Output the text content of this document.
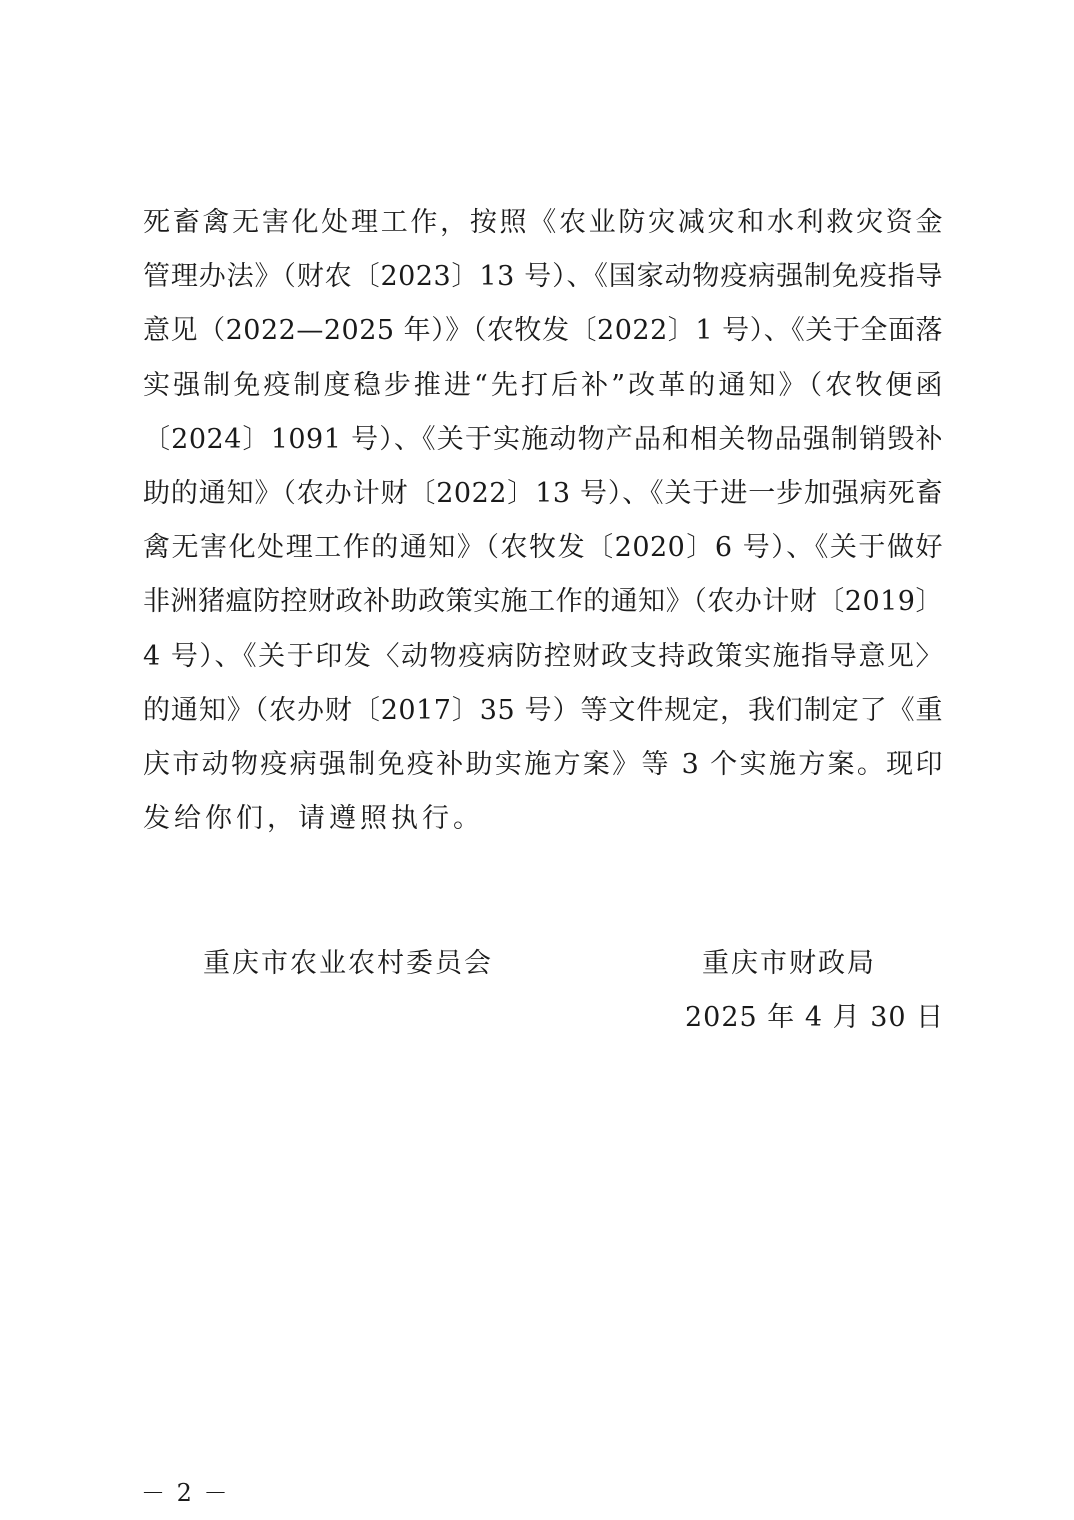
死畜禽无害化处理工作，按照《农业防灾减灾和水利救灾资金
管理办法》（财农〔2023〕13 号）、《国家动物疫病强制免疫指导
意见（2022—2025 年）》（农牧发〔2022〕1 号）、《关于全面落
实强制免疫制度稳步推进“先打后补”改革的通知》（农牧便函
〔2024〕1091 号）、《关于实施动物产品和相关物品强制销毁补
助的通知》（农办计财〔2022〕13 号）、《关于进一步加强病死畜
禽无害化处理工作的通知》（农牧发〔2020〕6 号）、《关于做好
非洲猪瘟防控财政补助政策实施工作的通知》（农办计财〔2019〕
4 号）、《关于印发〈动物疫病防控财政支持政策实施指导意见〉
的通知》（农办财〔2017〕35 号）等文件规定，我们制定了《重
庆市动物疫病强制免疫补助实施方案》等 3 个实施方案。现印
发给你们，请遵照执行。
重庆市农业农村委员会	重庆市财政局
2025 年 4 月 30 日
－ 2 －
